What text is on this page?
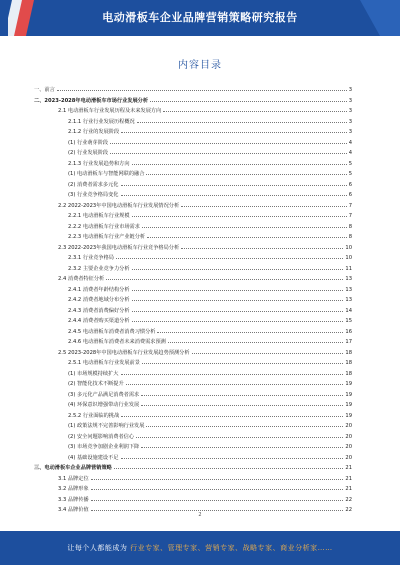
电动滑板车企业品牌营销策略研究报告
内容目录
一、前言	3
二、2023-2028年电动滑板车市场行业发展分析	3
2.1 电动滑板车行业发展历程及未来发展方向	3
2.1.1 行业行业发展历程概况	3
2.1.2 行业的发展阶段	3
(1) 行业萌芽阶段	4
(2) 行业发展阶段	4
2.1.3 行业发展趋势和方向	5
(1) 电动滑板车与智能网联的融合	5
(2) 消费者需求多元化	6
(3) 行业竞争格局变化	6
2.2 2022-2023年中国电动滑板车行业发展情况分析	7
2.2.1 电动滑板车行业规模	7
2.2.2 电动滑板车行业市场需求	8
2.2.3 电动滑板车行业产业链分析	8
2.3 2022-2023年我国电动滑板车行业竞争格局分析	10
2.3.1 行业竞争格局	10
2.3.2 主要企业竞争力分析	11
2.4 消费者特征分析	13
2.4.1 消费者年龄结构分析	13
2.4.2 消费者地域分布分析	13
2.4.3 消费者消费偏好分析	14
2.4.4 消费者购买渠道分析	15
2.4.5 电动滑板车消费者消费习惯分析	16
2.4.6 电动滑板车消费者未来消费需求预测	17
2.5 2023-2028年中国电动滑板车行业发展趋势预测分析	18
2.5.1 电动滑板车行业发展前景	18
(1) 市场规模持续扩大	18
(2) 智能化技术不断提升	19
(3) 多元化产品满足消费者需求	19
(4) 环保意识增强带动行业发展	19
2.5.2 行业面临的挑战	19
(1) 政策法规不完善影响行业发展	20
(2) 安全问题影响消费者信心	20
(3) 市场竞争加剧企业利润下降	20
(4) 基础设施建设不足	20
三、电动滑板车企业品牌营销策略	21
3.1 品牌定位	21
3.2 品牌形象	21
3.3 品牌传播	22
3.4 品牌价值	22
2
让每个人都能成为 行业专家、管理专家、营销专家、战略专家、商业分析家……
